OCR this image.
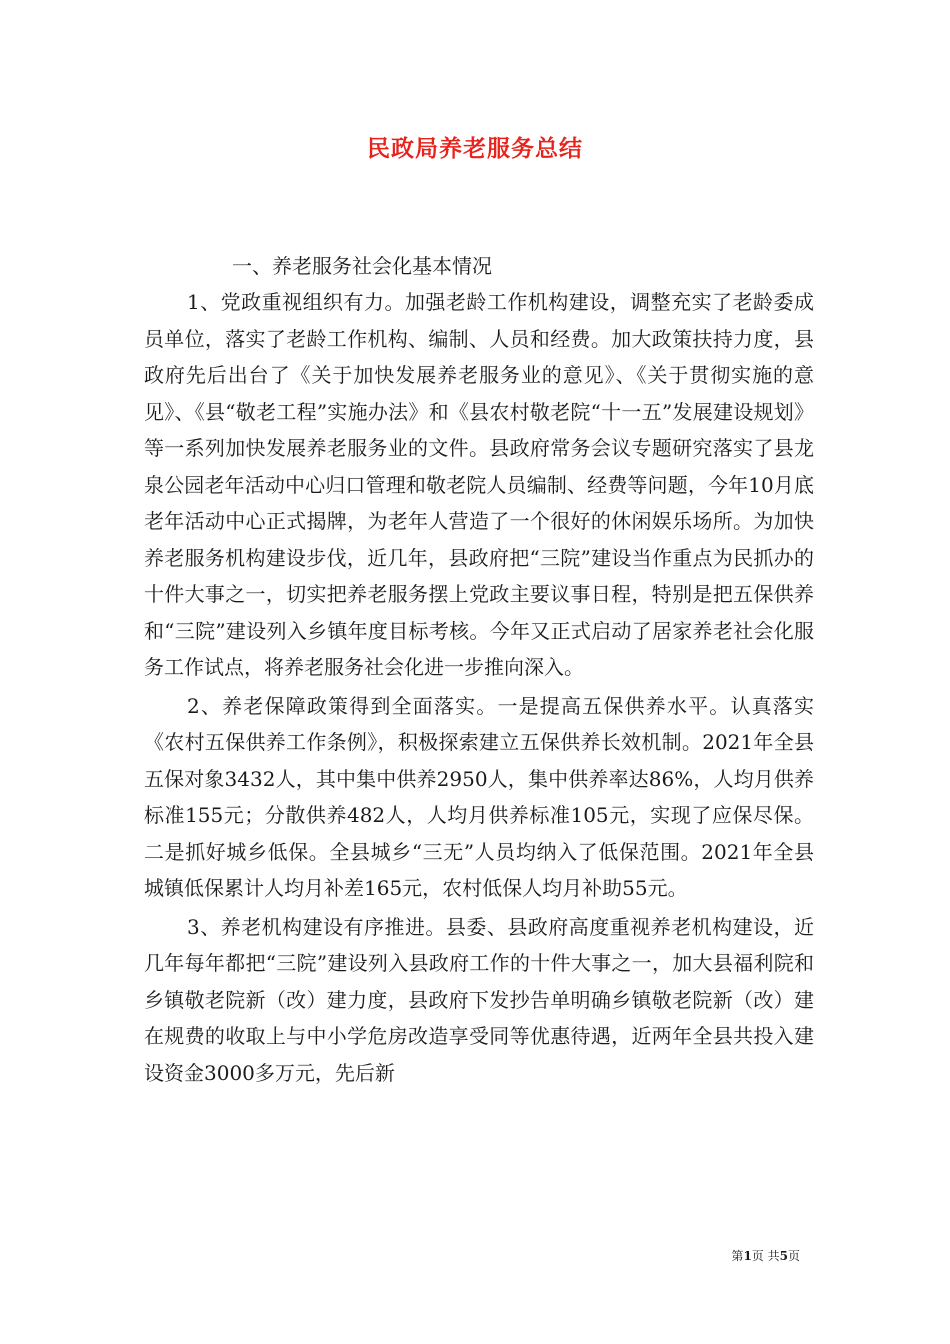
民政局养老服务总结

一、养老服务社会化基本情况

1、党政重视组织有力。加强老龄工作机构建设，调整充实了老龄委成员单位，落实了老龄工作机构、编制、人员和经费。加大政策扶持力度，县政府先后出台了《关于加快发展养老服务业的意见》、《关于贯彻实施的意见》、《县“敬老工程”实施办法》和《县农村敬老院“十一五”发展建设规划》等一系列加快发展养老服务业的文件。县政府常务会议专题研究落实了县龙泉公园老年活动中心归口管理和敬老院人员编制、经费等问题，今年10月底老年活动中心正式揭牌，为老年人营造了一个很好的休闲娱乐场所。为加快养老服务机构建设步伐，近几年，县政府把“三院”建设当作重点为民抓办的十件大事之一，切实把养老服务摆上党政主要议事日程，特别是把五保供养和“三院”建设列入乡镇年度目标考核。今年又正式启动了居家养老社会化服务工作试点，将养老服务社会化进一步推向深入。

2、养老保障政策得到全面落实。一是提高五保供养水平。认真落实《农村五保供养工作条例》，积极探索建立五保供养长效机制。2021年全县五保对象3432人，其中集中供养2950人，集中供养率达86%，人均月供养标准155元；分散供养482人，人均月供养标准105元，实现了应保尽保。二是抓好城乡低保。全县城乡“三无”人员均纳入了低保范围。2021年全县城镇低保累计人均月补差165元，农村低保人均月补助55元。

3、养老机构建设有序推进。县委、县政府高度重视养老机构建设，近几年每年都把“三院”建设列入县政府工作的十件大事之一，加大县福利院和乡镇敬老院新（改）建力度，县政府下发抄告单明确乡镇敬老院新（改）建在规费的收取上与中小学危房改造享受同等优惠待遇，近两年全县共投入建设资金3000多万元，先后新

第1页 共5页
